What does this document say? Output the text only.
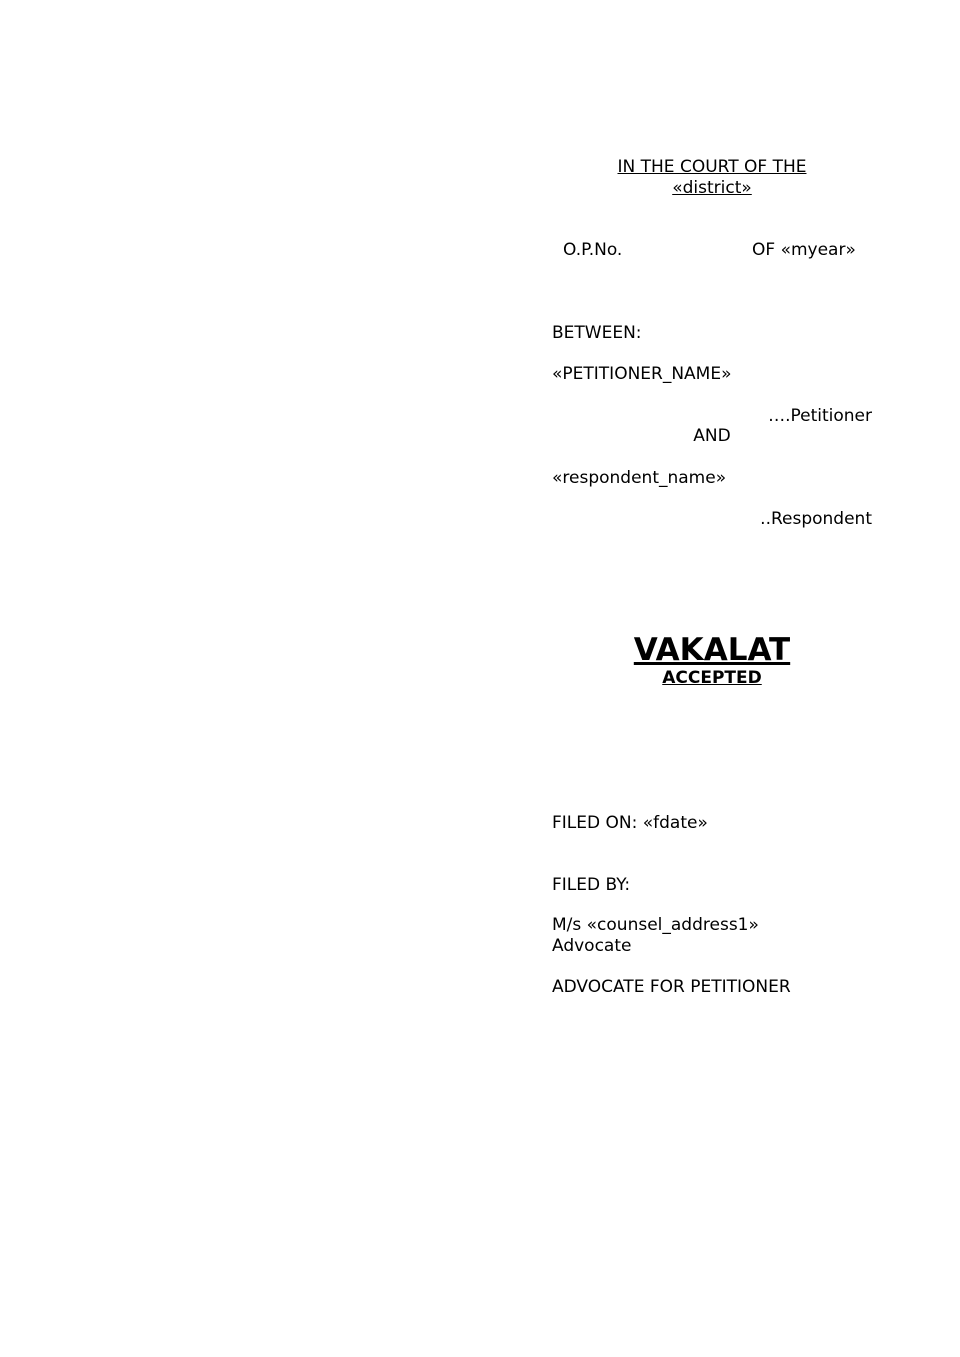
IN THE COURT OF THE
«district»
O.P.No.	OF «myear»
BETWEEN:
«PETITIONER_NAME»
….Petitioner
AND
«respondent_name»
..Respondent
VAKALAT
ACCEPTED
FILED ON: «fdate»
FILED BY:
M/s «counsel_address1»
Advocate
ADVOCATE FOR PETITIONER
